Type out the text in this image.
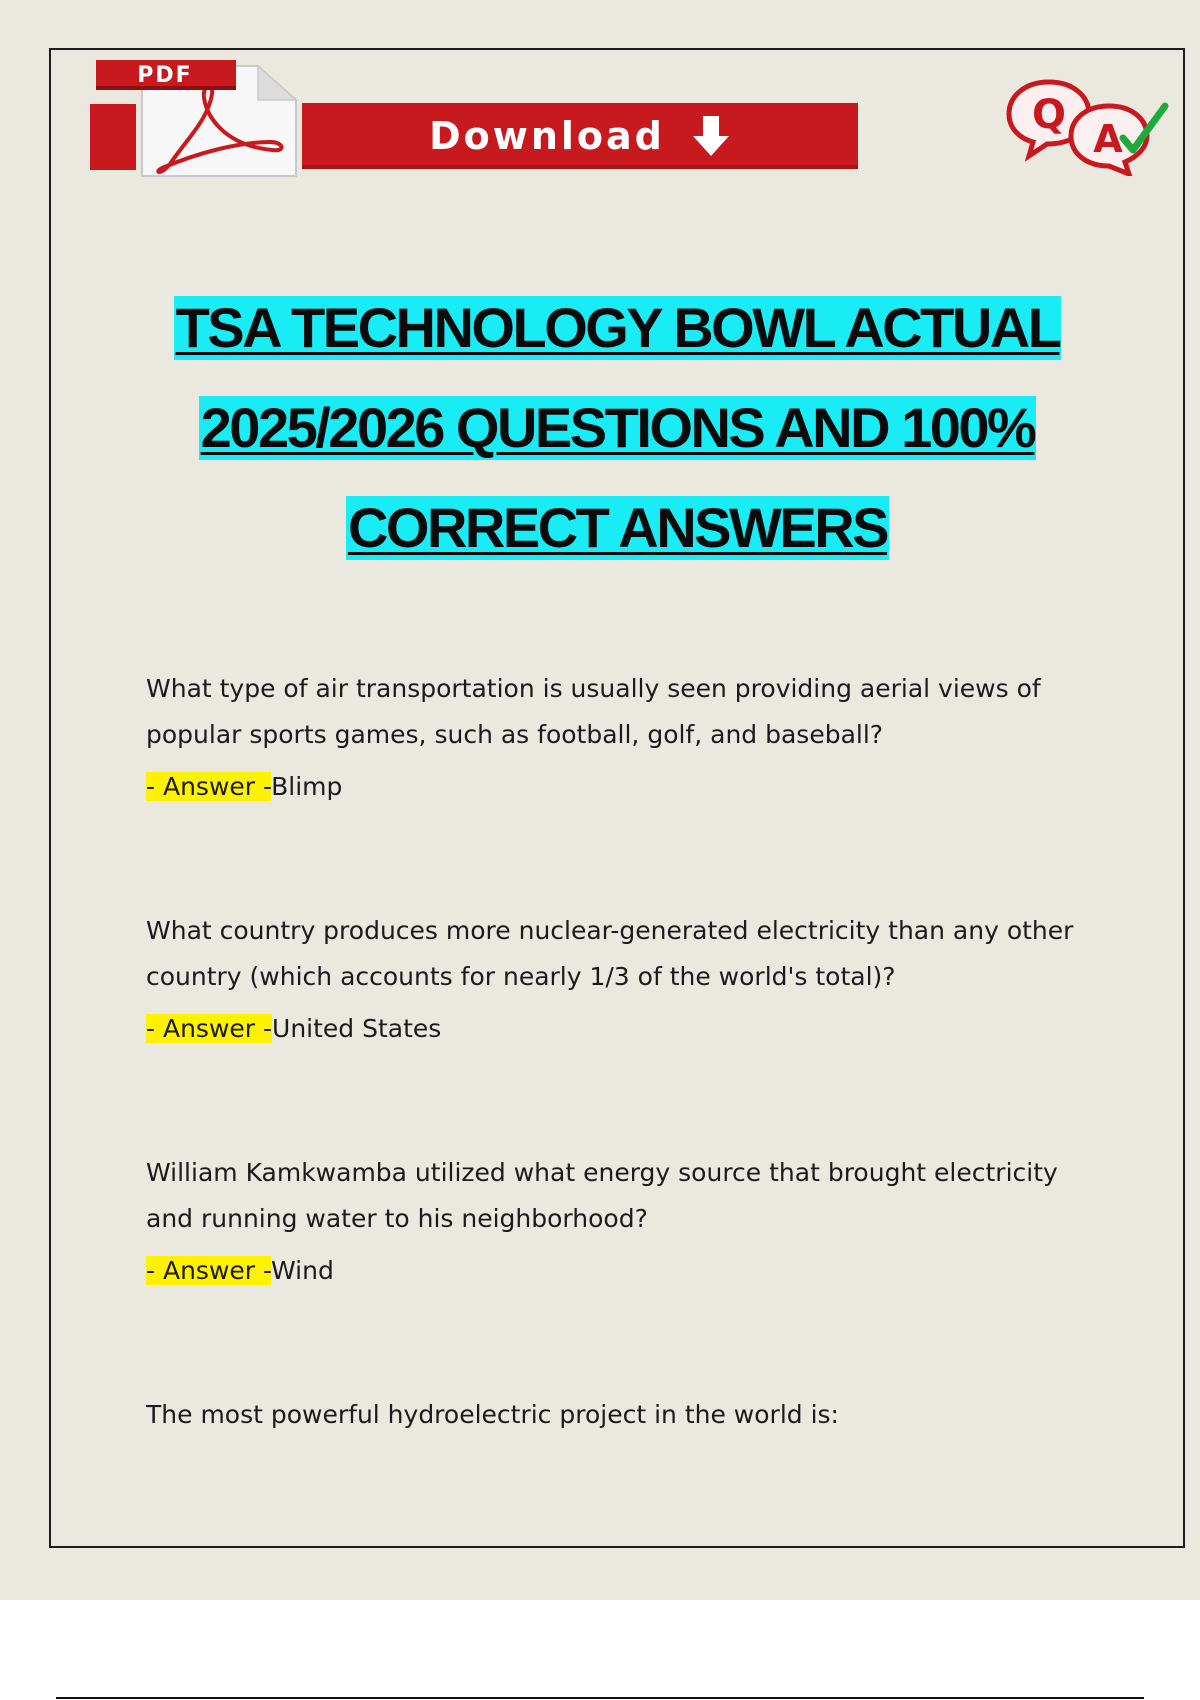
PDF
Download	Q
A
TSA TECHNOLOGY BOWL ACTUAL
2025/2026 QUESTIONS AND 100%
CORRECT ANSWERS

What type of air transportation is usually seen providing aerial views of popular sports games, such as football, golf, and baseball?

- Answer -Blimp

What country produces more nuclear-generated electricity than any other country (which accounts for nearly 1/3 of the world's total)?

- Answer -United States

William Kamkwamba utilized what energy source that brought electricity and running water to his neighborhood?

- Answer -Wind

The most powerful hydroelectric project in the world is:
